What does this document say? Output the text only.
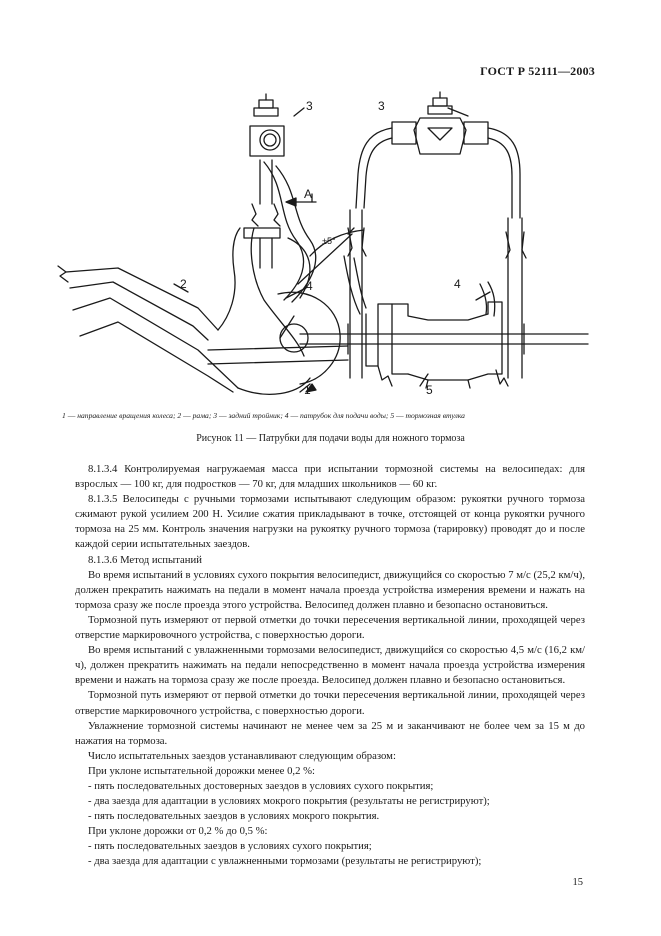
ГОСТ Р 52111—2003
2
3	3
4	4
5
1
A
±5°
1 — направление вращения колеса; 2 — рама; 3 — задний тройник; 4 — патрубок для подачи воды; 5 — тормозная втулка
Рисунок 11 — Патрубки для подачи воды для ножного тормоза

8.1.3.4 Контролируемая нагружаемая масса при испытании тормозной системы на велосипедах: для взрослых — 100 кг, для подростков — 70 кг, для младших школьников — 60 кг.

8.1.3.5 Велосипеды с ручными тормозами испытывают следующим образом: рукоятки ручного тормоза сжимают рукой усилием 200 Н. Усилие сжатия прикладывают в точке, отстоящей от конца рукоятки ручного тормоза на 25 мм. Контроль значения нагрузки на рукоятку ручного тормоза (тарировку) проводят до и после каждой серии испытательных заездов.

8.1.3.6 Метод испытаний

Во время испытаний в условиях сухого покрытия велосипедист, движущийся со скоростью 7 м/с (25,2 км/ч), должен прекратить нажимать на педали в момент начала проезда устройства измерения времени и нажать на тормоза сразу же после проезда этого устройства. Велосипед должен плавно и безопасно остановиться.

Тормозной путь измеряют от первой отметки до точки пересечения вертикальной линии, проходящей через отверстие маркировочного устройства, с поверхностью дороги.

Во время испытаний с увлажненными тормозами велосипедист, движущийся со скоростью 4,5 м/с (16,2 км/ч), должен прекратить нажимать на педали непосредственно в момент начала проезда устройства измерения времени и нажать на тормоза сразу же после проезда. Велосипед должен плавно и безопасно остановиться.

Тормозной путь измеряют от первой отметки до точки пересечения вертикальной линии, проходящей через отверстие маркировочного устройства, с поверхностью дороги.

Увлажнение тормозной системы начинают не менее чем за 25 м и заканчивают не более чем за 15 м до нажатия на тормоза.

Число испытательных заездов устанавливают следующим образом:

При уклоне испытательной дорожки менее 0,2 %:

- пять последовательных достоверных заездов в условиях сухого покрытия;

- два заезда для адаптации в условиях мокрого покрытия (результаты не регистрируют);

- пять последовательных заездов в условиях мокрого покрытия.

При уклоне дорожки от 0,2 % до 0,5 %:

- пять последовательных заездов в условиях сухого покрытия;

- два заезда для адаптации с увлажненными тормозами (результаты не регистрируют);

15
